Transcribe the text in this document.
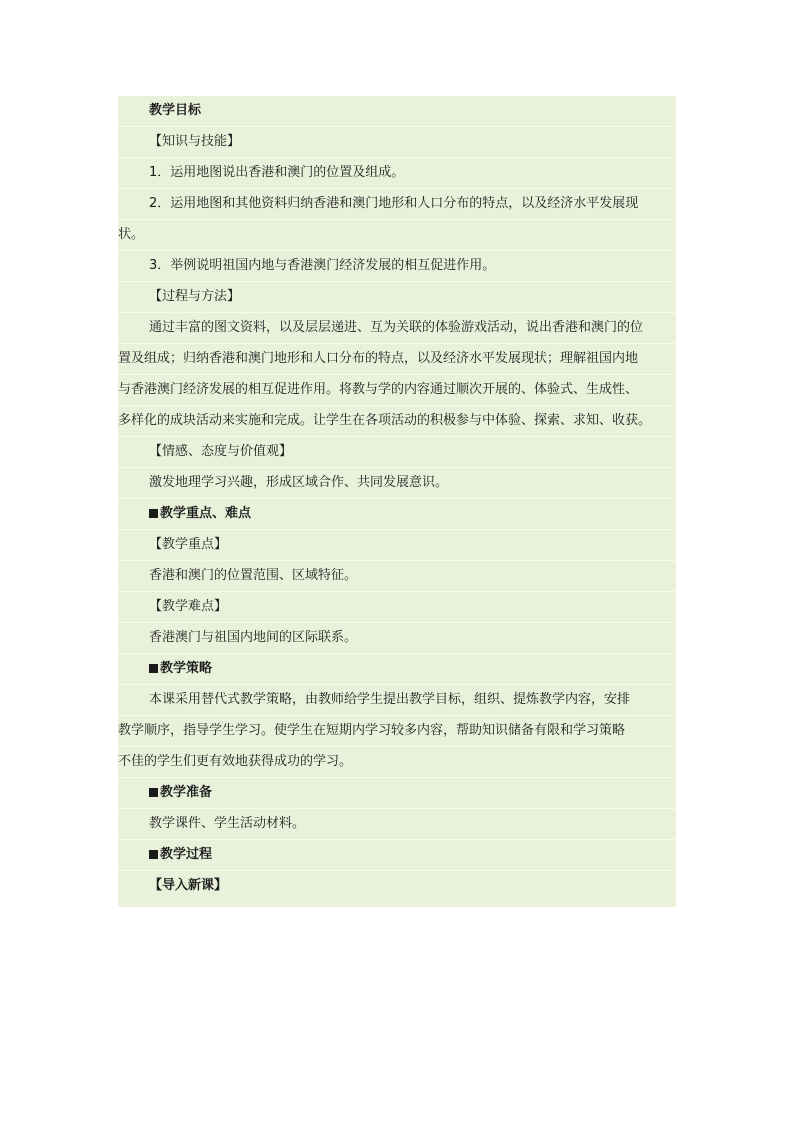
教学目标
【知识与技能】
1．运用地图说出香港和澳门的位置及组成。
2．运用地图和其他资料归纳香港和澳门地形和人口分布的特点，以及经济水平发展现
状。
3．举例说明祖国内地与香港澳门经济发展的相互促进作用。
【过程与方法】
通过丰富的图文资料，以及层层递进、互为关联的体验游戏活动，说出香港和澳门的位
置及组成；归纳香港和澳门地形和人口分布的特点，以及经济水平发展现状；理解祖国内地
与香港澳门经济发展的相互促进作用。将教与学的内容通过顺次开展的、体验式、生成性、
多样化的成块活动来实施和完成。让学生在各项活动的积极参与中体验、探索、求知、收获。
【情感、态度与价值观】
激发地理学习兴趣，形成区域合作、共同发展意识。
教学重点、难点
【教学重点】
香港和澳门的位置范围、区域特征。
【教学难点】
香港澳门与祖国内地间的区际联系。
教学策略
本课采用替代式教学策略，由教师给学生提出教学目标，组织、提炼教学内容，安排
教学顺序，指导学生学习。使学生在短期内学习较多内容，帮助知识储备有限和学习策略
不佳的学生们更有效地获得成功的学习。
教学准备
教学课件、学生活动材料。
教学过程
【导入新课】
